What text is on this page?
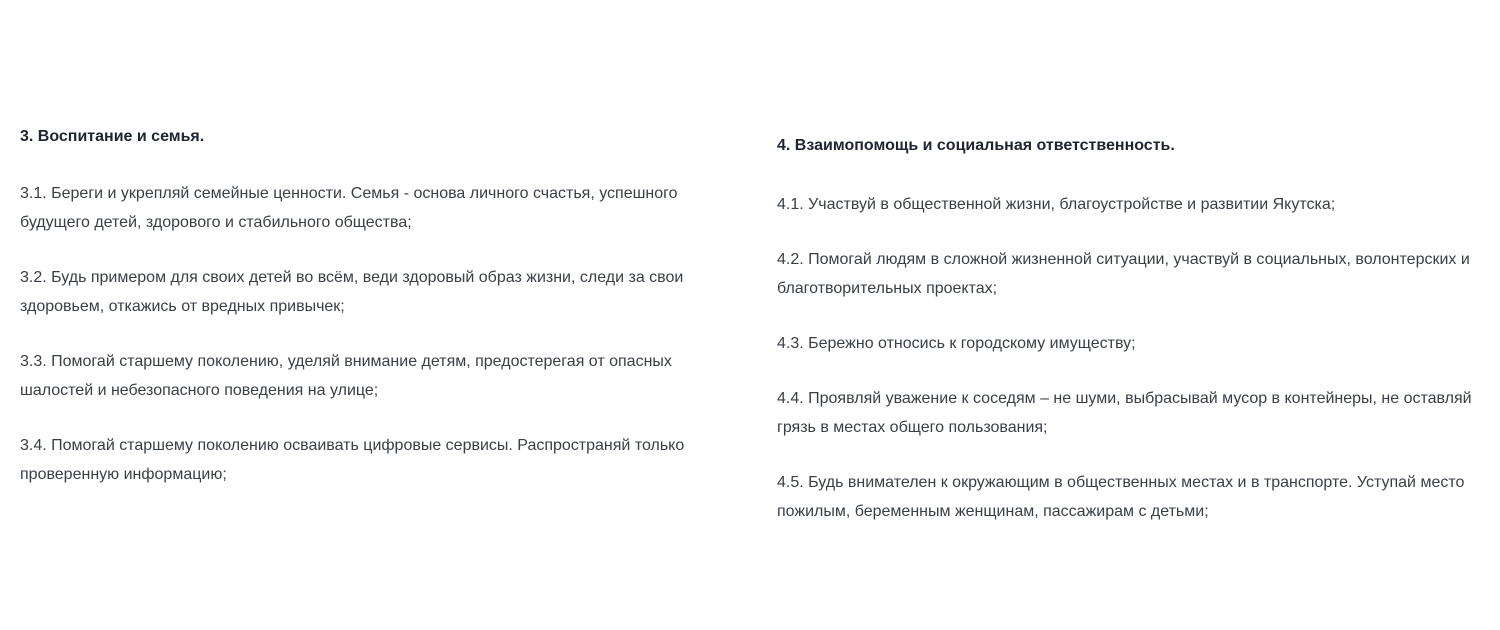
3. Воспитание и семья.
3.1. Береги и укрепляй семейные ценности. Семья - основа личного счастья, успешного будущего детей, здорового и стабильного общества;
3.2. Будь примером для своих детей во всём, веди здоровый образ жизни, следи за свои здоровьем, откажись от вредных привычек;
3.3. Помогай старшему поколению, уделяй внимание детям, предостерегая от опасных шалостей и небезопасного поведения на улице;
3.4. Помогай старшему поколению осваивать цифровые сервисы. Распространяй только проверенную информацию;
4. Взаимопомощь и социальная ответственность.
4.1. Участвуй в общественной жизни, благоустройстве и развитии Якутска;
4.2. Помогай людям в сложной жизненной ситуации, участвуй в социальных, волонтерских и благотворительных проектах;
4.3. Бережно относись к городскому имуществу;
4.4. Проявляй уважение к соседям – не шуми, выбрасывай мусор в контейнеры, не оставляй грязь в местах общего пользования;
4.5. Будь внимателен к окружающим в общественных местах и в транспорте. Уступай место пожилым, беременным женщинам, пассажирам с детьми;
